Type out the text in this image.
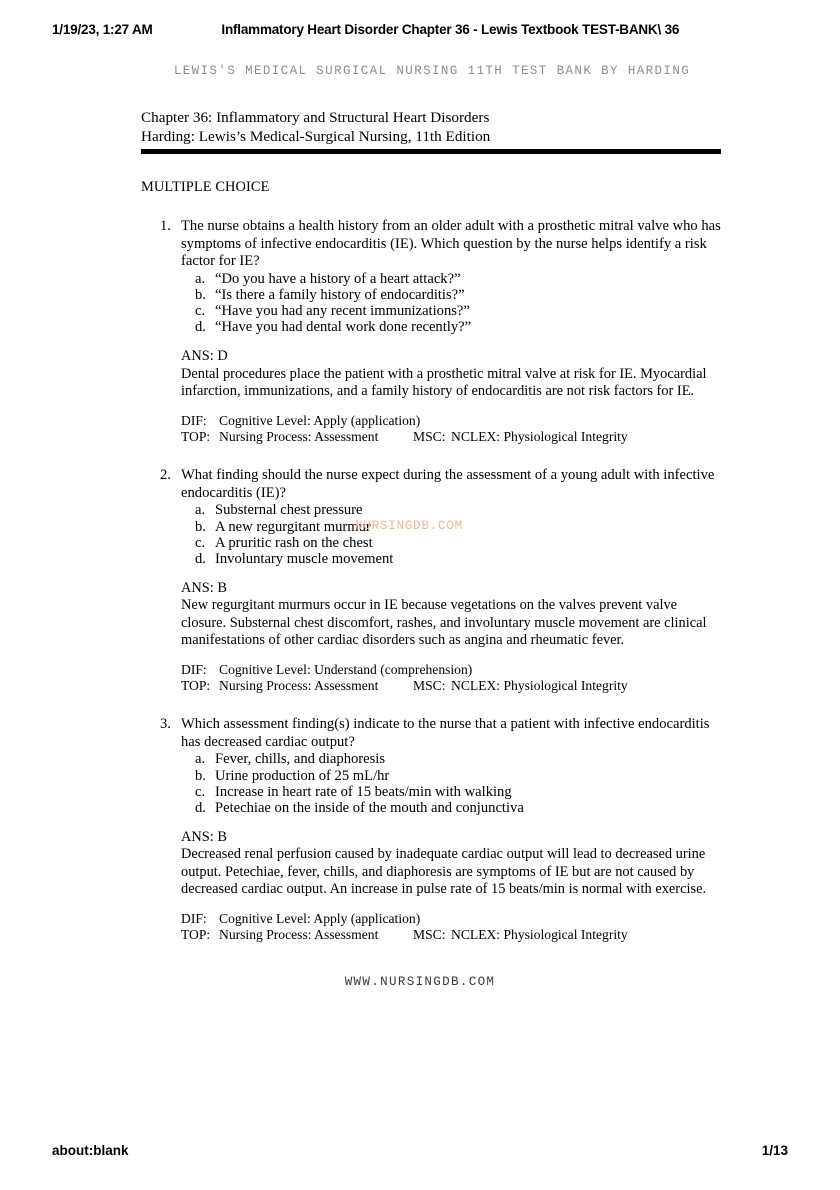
1/19/23, 1:27 AM	Inflammatory Heart Disorder Chapter 36 - Lewis Textbook TEST-BANK\ 36
LEWIS'S MEDICAL SURGICAL NURSING 11TH TEST BANK BY HARDING
Chapter 36: Inflammatory and Structural Heart Disorders
Harding: Lewis’s Medical-Surgical Nursing, 11th Edition
MULTIPLE CHOICE
1. The nurse obtains a health history from an older adult with a prosthetic mitral valve who has symptoms of infective endocarditis (IE). Which question by the nurse helps identify a risk factor for IE?
a. “Do you have a history of a heart attack?”
b. “Is there a family history of endocarditis?”
c. “Have you had any recent immunizations?”
d. “Have you had dental work done recently?”
ANS: D
Dental procedures place the patient with a prosthetic mitral valve at risk for IE. Myocardial infarction, immunizations, and a family history of endocarditis are not risk factors for IE.
DIF: Cognitive Level: Apply (application)
TOP: Nursing Process: Assessment	MSC: NCLEX: Physiological Integrity
2. What finding should the nurse expect during the assessment of a young adult with infective endocarditis (IE)?
a. Substernal chest pressure
b. A new regurgitant murmur
c. A pruritic rash on the chest
d. Involuntary muscle movement
ANS: B
New regurgitant murmurs occur in IE because vegetations on the valves prevent valve closure. Substernal chest discomfort, rashes, and involuntary muscle movement are clinical manifestations of other cardiac disorders such as angina and rheumatic fever.
DIF: Cognitive Level: Understand (comprehension)
TOP: Nursing Process: Assessment	MSC: NCLEX: Physiological Integrity
3. Which assessment finding(s) indicate to the nurse that a patient with infective endocarditis has decreased cardiac output?
a. Fever, chills, and diaphoresis
b. Urine production of 25 mL/hr
c. Increase in heart rate of 15 beats/min with walking
d. Petechiae on the inside of the mouth and conjunctiva
ANS: B
Decreased renal perfusion caused by inadequate cardiac output will lead to decreased urine output. Petechiae, fever, chills, and diaphoresis are symptoms of IE but are not caused by decreased cardiac output. An increase in pulse rate of 15 beats/min is normal with exercise.
DIF: Cognitive Level: Apply (application)
TOP: Nursing Process: Assessment	MSC: NCLEX: Physiological Integrity
NURSINGDB.COM
WWW.NURSINGDB.COM
about:blank	1/13
